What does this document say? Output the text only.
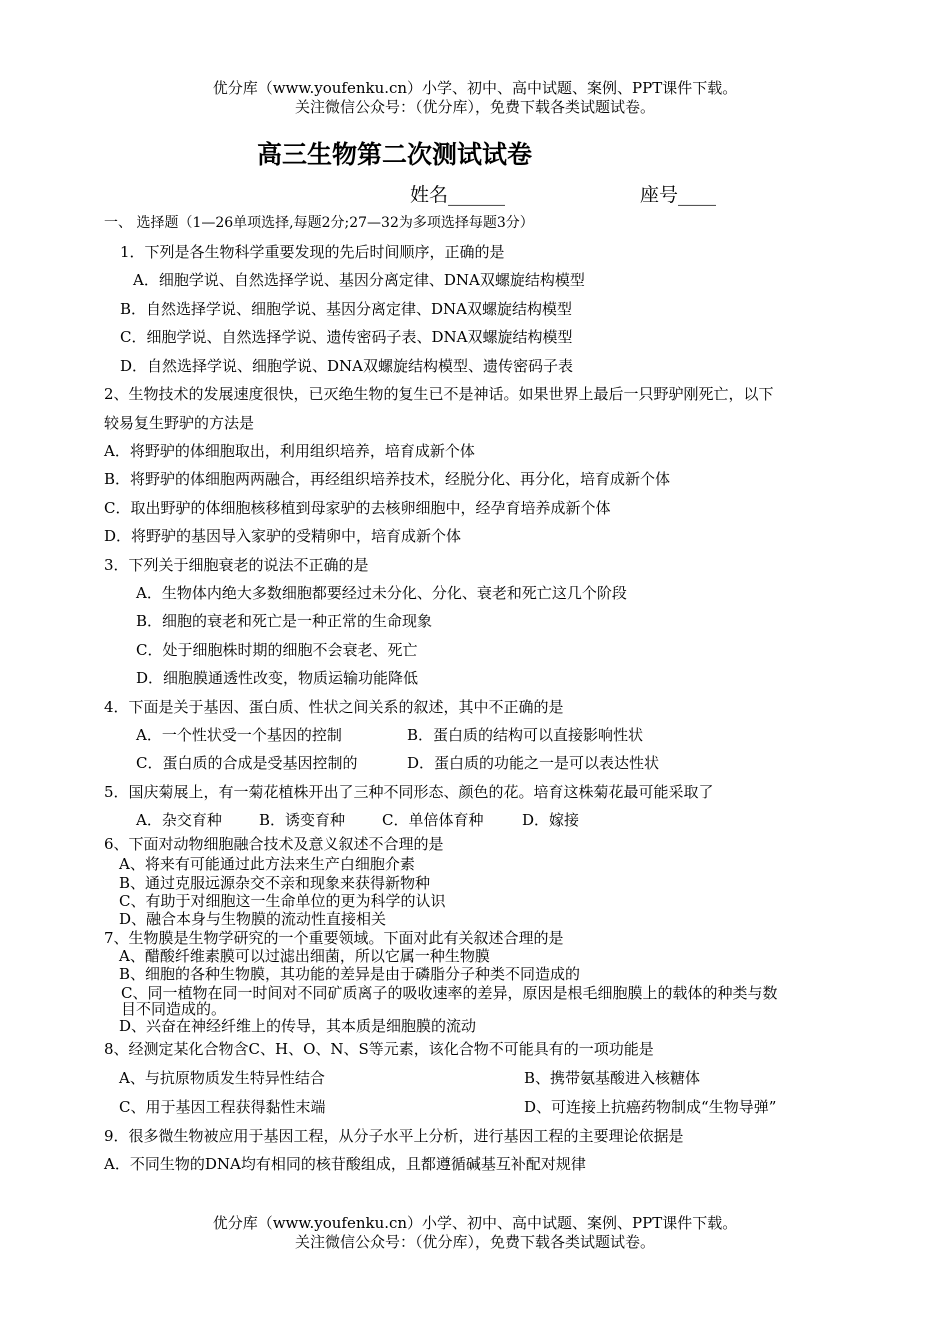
优分库（www.youfenku.cn）小学、初中、高中试题、案例、PPT课件下载。
关注微信公众号：（优分库），免费下载各类试题试卷。
高三生物第二次测试试卷
姓名______	座号____
一、 选择题（1—26单项选择,每题2分;27—32为多项选择每题3分）
1．下列是各生物科学重要发现的先后时间顺序，正确的是
A．细胞学说、自然选择学说、基因分离定律、DNA双螺旋结构模型
B．自然选择学说、细胞学说、基因分离定律、DNA双螺旋结构模型
C．细胞学说、自然选择学说、遗传密码子表、DNA双螺旋结构模型
D．自然选择学说、细胞学说、DNA双螺旋结构模型、遗传密码子表
2、生物技术的发展速度很快，已灭绝生物的复生已不是神话。如果世界上最后一只野驴刚死亡，以下
较易复生野驴的方法是
A．将野驴的体细胞取出，利用组织培养，培育成新个体
B．将野驴的体细胞两两融合，再经组织培养技术，经脱分化、再分化，培育成新个体
C．取出野驴的体细胞核移植到母家驴的去核卵细胞中，经孕育培养成新个体
D．将野驴的基因导入家驴的受精卵中，培育成新个体
3．下列关于细胞衰老的说法不正确的是
A．生物体内绝大多数细胞都要经过未分化、分化、衰老和死亡这几个阶段
B．细胞的衰老和死亡是一种正常的生命现象
C．处于细胞株时期的细胞不会衰老、死亡
D．细胞膜通透性改变，物质运输功能降低
4．下面是关于基因、蛋白质、性状之间关系的叙述，其中不正确的是
A．一个性状受一个基因的控制	B．蛋白质的结构可以直接影响性状
C．蛋白质的合成是受基因控制的	D．蛋白质的功能之一是可以表达性状
5．国庆菊展上，有一菊花植株开出了三种不同形态、颜色的花。培育这株菊花最可能采取了
A．杂交育种 B．诱变育种 C．单倍体育种	D．嫁接
6、下面对动物细胞融合技术及意义叙述不合理的是
A、将来有可能通过此方法来生产白细胞介素
B、通过克服远源杂交不亲和现象来获得新物种
C、有助于对细胞这一生命单位的更为科学的认识
D、融合本身与生物膜的流动性直接相关
7、生物膜是生物学研究的一个重要领域。下面对此有关叙述合理的是
A、醋酸纤维素膜可以过滤出细菌，所以它属一种生物膜
B、细胞的各种生物膜，其功能的差异是由于磷脂分子种类不同造成的
C、同一植物在同一时间对不同矿质离子的吸收速率的差异，原因是根毛细胞膜上的载体的种类与数
目不同造成的。
D、兴奋在神经纤维上的传导，其本质是细胞膜的流动
8、经测定某化合物含C、H、O、N、S等元素，该化合物不可能具有的一项功能是
A、与抗原物质发生特异性结合	B、携带氨基酸进入核糖体
C、用于基因工程获得黏性末端	D、可连接上抗癌药物制成“生物导弹”
9．很多微生物被应用于基因工程，从分子水平上分析，进行基因工程的主要理论依据是
A．不同生物的DNA均有相同的核苷酸组成，且都遵循碱基互补配对规律
优分库（www.youfenku.cn）小学、初中、高中试题、案例、PPT课件下载。
关注微信公众号：（优分库），免费下载各类试题试卷。
